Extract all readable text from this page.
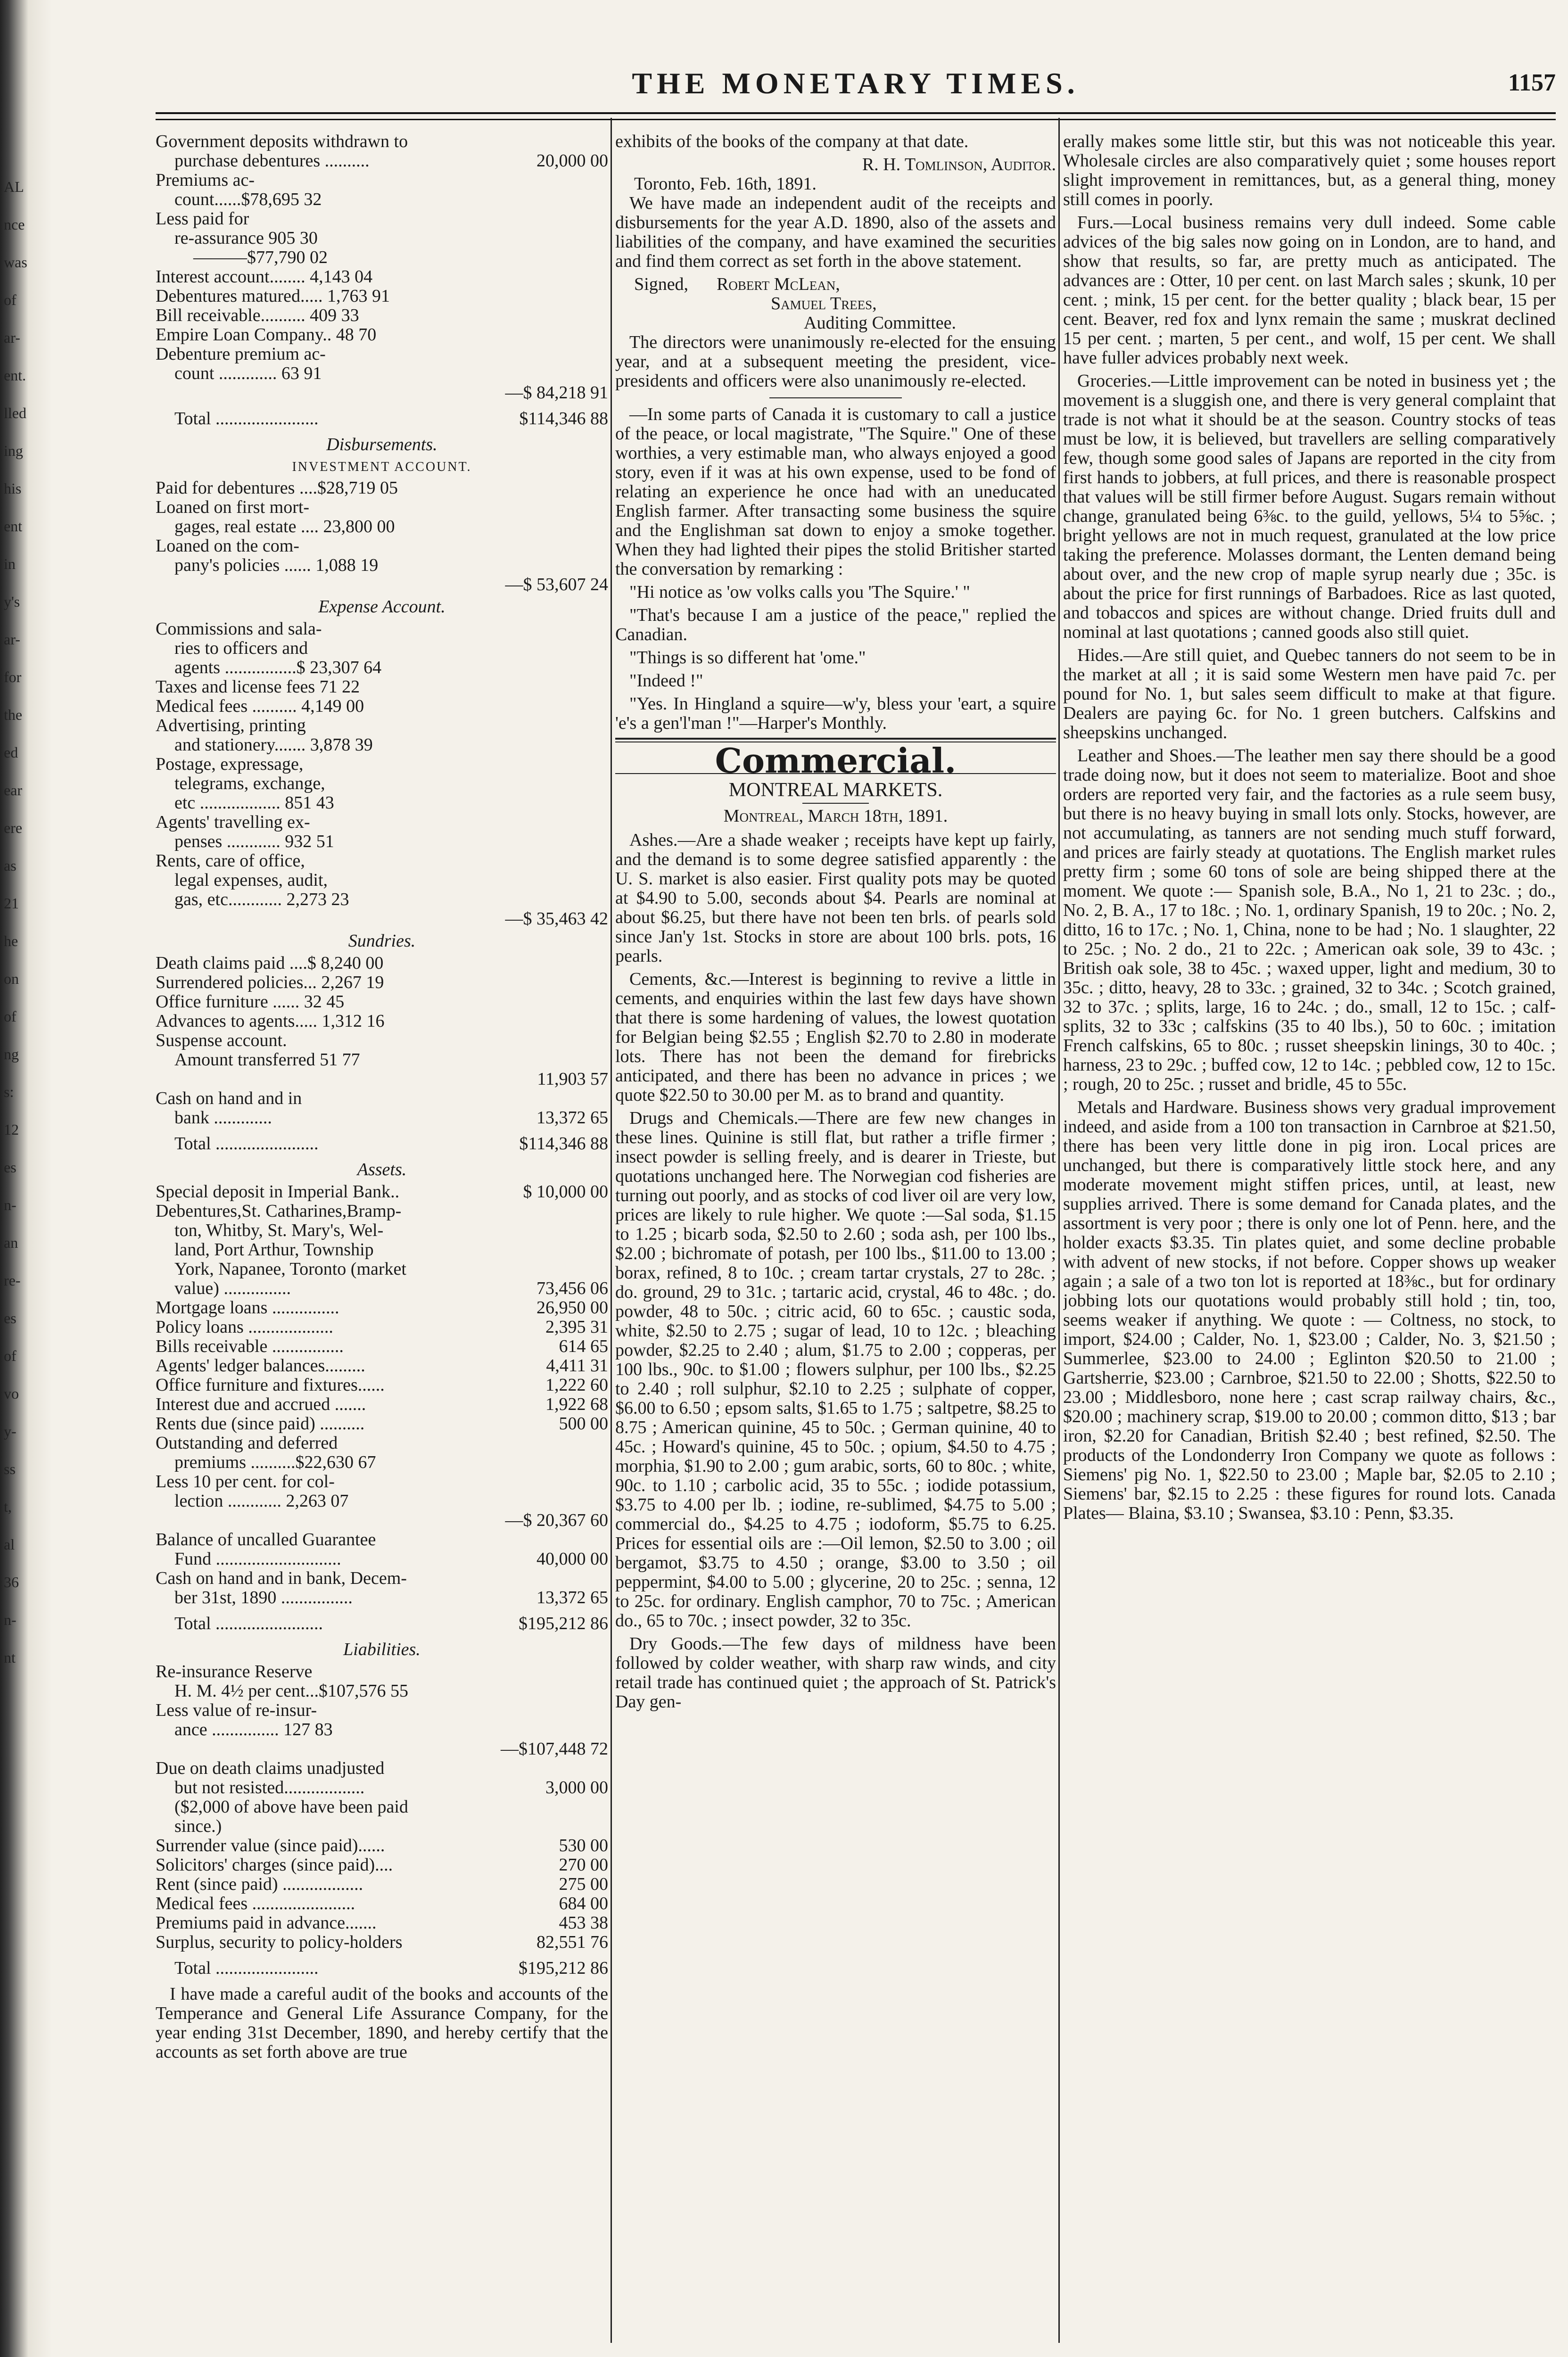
AL
nce
was
of
ar-
ent.
lled
ing
his
ent
in
y's
ar-
for
the
ed
ear
ere
as
21
he
on
of
ng
s:
12
es
n-
an
re-
es
of
vo
y-
ss
t,
al
36
n-
nt
THE MONETARY TIMES.	1157
Government deposits withdrawn to
purchase debentures ..........	20,000 00
Premiums ac-
count......$78,695 32
Less paid for
re-assurance 905 30
———$77,790 02
Interest account........ 4,143 04
Debentures matured..... 1,763 91
Bill receivable.......... 409 33
Empire Loan Company.. 48 70
Debenture premium ac-
count ............. 63 91
—$ 84,218 91
Total .......................	$114,346 88
Disbursements.
INVESTMENT ACCOUNT.
Paid for debentures ....$28,719 05
Loaned on first mort-
gages, real estate .... 23,800 00
Loaned on the com-
pany's policies ...... 1,088 19
—$ 53,607 24
Expense Account.
Commissions and sala-
ries to officers and
agents ................$ 23,307 64
Taxes and license fees 71 22
Medical fees .......... 4,149 00
Advertising, printing
and stationery....... 3,878 39
Postage, expressage,
telegrams, exchange,
etc .................. 851 43
Agents' travelling ex-
penses ............ 932 51
Rents, care of office,
legal expenses, audit,
gas, etc............ 2,273 23
—$ 35,463 42
Sundries.
Death claims paid ....$ 8,240 00
Surrendered policies... 2,267 19
Office furniture ...... 32 45
Advances to agents..... 1,312 16
Suspense account.
Amount transferred 51 77
11,903 57
Cash on hand and in
bank .............	13,372 65
Total .......................	$114,346 88
Assets.
Special deposit in Imperial Bank..	$ 10,000 00
Debentures,St. Catharines,Bramp-
ton, Whitby, St. Mary's, Wel-
land, Port Arthur, Township
York, Napanee, Toronto (market
value) ...............	73,456 06
Mortgage loans ...............	26,950 00
Policy loans ...................	2,395 31
Bills receivable ................	614 65
Agents' ledger balances.........	4,411 31
Office furniture and fixtures......	1,222 60
Interest due and accrued .......	1,922 68
Rents due (since paid) ..........	500 00
Outstanding and deferred
premiums ..........$22,630 67
Less 10 per cent. for col-
lection ............ 2,263 07
—$ 20,367 60
Balance of uncalled Guarantee
Fund ............................	40,000 00
Cash on hand and in bank, Decem-
ber 31st, 1890 ................	13,372 65
Total ........................	$195,212 86
Liabilities.
Re-insurance Reserve
H. M. 4½ per cent...$107,576 55
Less value of re-insur-
ance ............... 127 83
—$107,448 72
Due on death claims unadjusted
but not resisted..................	3,000 00
($2,000 of above have been paid
since.)
Surrender value (since paid)......	530 00
Solicitors' charges (since paid)....	270 00
Rent (since paid) ..................	275 00
Medical fees .......................	684 00
Premiums paid in advance.......	453 38
Surplus, security to policy-holders	82,551 76
Total .......................	$195,212 86

I have made a careful audit of the books and accounts of the Temperance and General Life Assurance Company, for the year ending 31st December, 1890, and hereby certify that the accounts as set forth above are true

exhibits of the books of the company at that date.

R. H. Tomlinson, Auditor.
Toronto, Feb. 16th, 1891.

We have made an independent audit of the receipts and disbursements for the year A.D. 1890, also of the assets and liabilities of the company, and have examined the securities and find them correct as set forth in the above statement.

Signed,	Robert McLean,
Samuel Trees,
Auditing Committee.

The directors were unanimously re-elected for the ensuing year, and at a subsequent meeting the president, vice-presidents and officers were also unanimously re-elected.

—In some parts of Canada it is customary to call a justice of the peace, or local magistrate, "The Squire." One of these worthies, a very estimable man, who always enjoyed a good story, even if it was at his own expense, used to be fond of relating an experience he once had with an uneducated English farmer. After transacting some business the squire and the Englishman sat down to enjoy a smoke together. When they had lighted their pipes the stolid Britisher started the conversation by remarking :

"Hi notice as 'ow volks calls you 'The Squire.' "

"That's because I am a justice of the peace," replied the Canadian.

"Things is so different hat 'ome."

"Indeed !"

"Yes. In Hingland a squire—w'y, bless your 'eart, a squire 'e's a gen'l'man !"—Harper's Monthly.

Commercial.
MONTREAL MARKETS.
Montreal, March 18th, 1891.

Ashes.—Are a shade weaker ; receipts have kept up fairly, and the demand is to some degree satisfied apparently : the U. S. market is also easier. First quality pots may be quoted at $4.90 to 5.00, seconds about $4. Pearls are nominal at about $6.25, but there have not been ten brls. of pearls sold since Jan'y 1st. Stocks in store are about 100 brls. pots, 16 pearls.

Cements, &c.—Interest is beginning to revive a little in cements, and enquiries within the last few days have shown that there is some hardening of values, the lowest quotation for Belgian being $2.55 ; English $2.70 to 2.80 in moderate lots. There has not been the demand for firebricks anticipated, and there has been no advance in prices ; we quote $22.50 to 30.00 per M. as to brand and quantity.

Drugs and Chemicals.—There are few new changes in these lines. Quinine is still flat, but rather a trifle firmer ; insect powder is selling freely, and is dearer in Trieste, but quotations unchanged here. The Norwegian cod fisheries are turning out poorly, and as stocks of cod liver oil are very low, prices are likely to rule higher. We quote :—Sal soda, $1.15 to 1.25 ; bicarb soda, $2.50 to 2.60 ; soda ash, per 100 lbs., $2.00 ; bichromate of potash, per 100 lbs., $11.00 to 13.00 ; borax, refined, 8 to 10c. ; cream tartar crystals, 27 to 28c. ; do. ground, 29 to 31c. ; tartaric acid, crystal, 46 to 48c. ; do. powder, 48 to 50c. ; citric acid, 60 to 65c. ; caustic soda, white, $2.50 to 2.75 ; sugar of lead, 10 to 12c. ; bleaching powder, $2.25 to 2.40 ; alum, $1.75 to 2.00 ; copperas, per 100 lbs., 90c. to $1.00 ; flowers sulphur, per 100 lbs., $2.25 to 2.40 ; roll sulphur, $2.10 to 2.25 ; sulphate of copper, $6.00 to 6.50 ; epsom salts, $1.65 to 1.75 ; saltpetre, $8.25 to 8.75 ; American quinine, 45 to 50c. ; German quinine, 40 to 45c. ; Howard's quinine, 45 to 50c. ; opium, $4.50 to 4.75 ; morphia, $1.90 to 2.00 ; gum arabic, sorts, 60 to 80c. ; white, 90c. to 1.10 ; carbolic acid, 35 to 55c. ; iodide potassium, $3.75 to 4.00 per lb. ; iodine, re-sublimed, $4.75 to 5.00 ; commercial do., $4.25 to 4.75 ; iodoform, $5.75 to 6.25. Prices for essential oils are :—Oil lemon, $2.50 to 3.00 ; oil bergamot, $3.75 to 4.50 ; orange, $3.00 to 3.50 ; oil peppermint, $4.00 to 5.00 ; glycerine, 20 to 25c. ; senna, 12 to 25c. for ordinary. English camphor, 70 to 75c. ; American do., 65 to 70c. ; insect powder, 32 to 35c.

Dry Goods.—The few days of mildness have been followed by colder weather, with sharp raw winds, and city retail trade has continued quiet ; the approach of St. Patrick's Day gen-

erally makes some little stir, but this was not noticeable this year. Wholesale circles are also comparatively quiet ; some houses report slight improvement in remittances, but, as a general thing, money still comes in poorly.

Furs.—Local business remains very dull indeed. Some cable advices of the big sales now going on in London, are to hand, and show that results, so far, are pretty much as anticipated. The advances are : Otter, 10 per cent. on last March sales ; skunk, 10 per cent. ; mink, 15 per cent. for the better quality ; black bear, 15 per cent. Beaver, red fox and lynx remain the same ; muskrat declined 15 per cent. ; marten, 5 per cent., and wolf, 15 per cent. We shall have fuller advices probably next week.

Groceries.—Little improvement can be noted in business yet ; the movement is a sluggish one, and there is very general complaint that trade is not what it should be at the season. Country stocks of teas must be low, it is believed, but travellers are selling comparatively few, though some good sales of Japans are reported in the city from first hands to jobbers, at full prices, and there is reasonable prospect that values will be still firmer before August. Sugars remain without change, granulated being 6⅜c. to the guild, yellows, 5¼ to 5⅝c. ; bright yellows are not in much request, granulated at the low price taking the preference. Molasses dormant, the Lenten demand being about over, and the new crop of maple syrup nearly due ; 35c. is about the price for first runnings of Barbadoes. Rice as last quoted, and tobaccos and spices are without change. Dried fruits dull and nominal at last quotations ; canned goods also still quiet.

Hides.—Are still quiet, and Quebec tanners do not seem to be in the market at all ; it is said some Western men have paid 7c. per pound for No. 1, but sales seem difficult to make at that figure. Dealers are paying 6c. for No. 1 green butchers. Calfskins and sheepskins unchanged.

Leather and Shoes.—The leather men say there should be a good trade doing now, but it does not seem to materialize. Boot and shoe orders are reported very fair, and the factories as a rule seem busy, but there is no heavy buying in small lots only. Stocks, however, are not accumulating, as tanners are not sending much stuff forward, and prices are fairly steady at quotations. The English market rules pretty firm ; some 60 tons of sole are being shipped there at the moment. We quote :— Spanish sole, B.A., No 1, 21 to 23c. ; do., No. 2, B. A., 17 to 18c. ; No. 1, ordinary Spanish, 19 to 20c. ; No. 2, ditto, 16 to 17c. ; No. 1, China, none to be had ; No. 1 slaughter, 22 to 25c. ; No. 2 do., 21 to 22c. ; American oak sole, 39 to 43c. ; British oak sole, 38 to 45c. ; waxed upper, light and medium, 30 to 35c. ; ditto, heavy, 28 to 33c. ; grained, 32 to 34c. ; Scotch grained, 32 to 37c. ; splits, large, 16 to 24c. ; do., small, 12 to 15c. ; calf-splits, 32 to 33c ; calfskins (35 to 40 lbs.), 50 to 60c. ; imitation French calfskins, 65 to 80c. ; russet sheepskin linings, 30 to 40c. ; harness, 23 to 29c. ; buffed cow, 12 to 14c. ; pebbled cow, 12 to 15c. ; rough, 20 to 25c. ; russet and bridle, 45 to 55c.

Metals and Hardware. Business shows very gradual improvement indeed, and aside from a 100 ton transaction in Carnbroe at $21.50, there has been very little done in pig iron. Local prices are unchanged, but there is comparatively little stock here, and any moderate movement might stiffen prices, until, at least, new supplies arrived. There is some demand for Canada plates, and the assortment is very poor ; there is only one lot of Penn. here, and the holder exacts $3.35. Tin plates quiet, and some decline probable with advent of new stocks, if not before. Copper shows up weaker again ; a sale of a two ton lot is reported at 18⅜c., but for ordinary jobbing lots our quotations would probably still hold ; tin, too, seems weaker if anything. We quote : — Coltness, no stock, to import, $24.00 ; Calder, No. 1, $23.00 ; Calder, No. 3, $21.50 ; Summerlee, $23.00 to 24.00 ; Eglinton $20.50 to 21.00 ; Gartsherrie, $23.00 ; Carnbroe, $21.50 to 22.00 ; Shotts, $22.50 to 23.00 ; Middlesboro, none here ; cast scrap railway chairs, &c., $20.00 ; machinery scrap, $19.00 to 20.00 ; common ditto, $13 ; bar iron, $2.20 for Canadian, British $2.40 ; best refined, $2.50. The products of the Londonderry Iron Company we quote as follows : Siemens' pig No. 1, $22.50 to 23.00 ; Maple bar, $2.05 to 2.10 ; Siemens' bar, $2.15 to 2.25 : these figures for round lots. Canada Plates— Blaina, $3.10 ; Swansea, $3.10 : Penn, $3.35.
